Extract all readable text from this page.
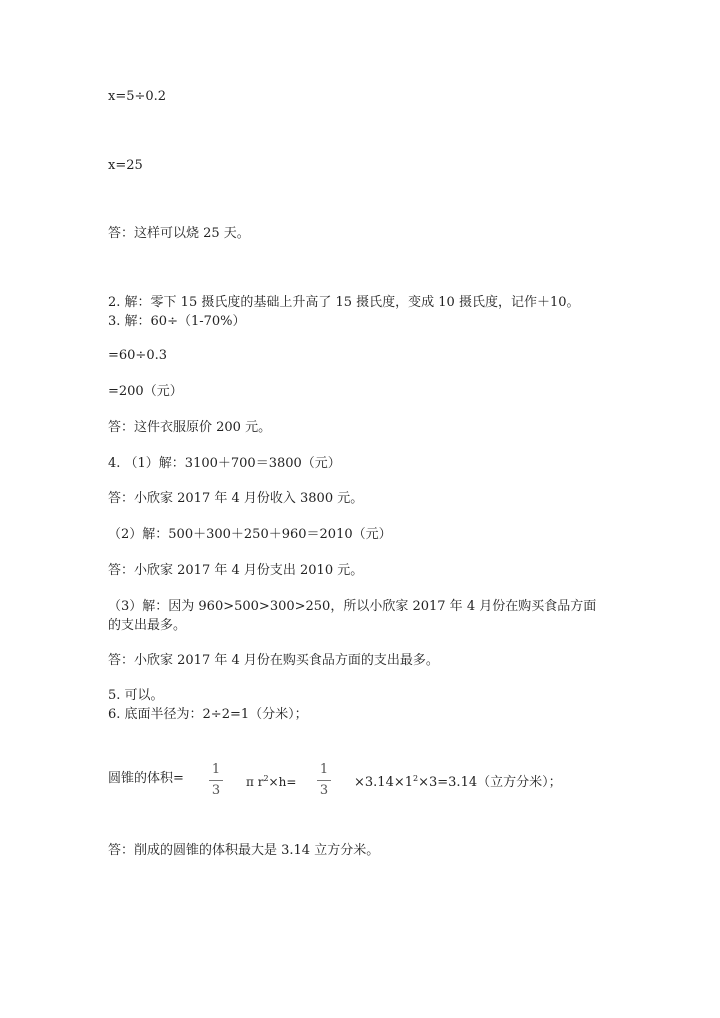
x=5÷0.2
x=25
答：这样可以烧 25 天。
2. 解：零下 15 摄氏度的基础上升高了 15 摄氏度，变成 10 摄氏度，记作＋10。
3. 解：60÷（1-70%）
=60÷0.3
=200（元）
答：这件衣服原价 200 元。
4. （1）解：3100＋700＝3800（元）
答：小欣家 2017 年 4 月份收入 3800 元。
（2）解：500＋300＋250＋960＝2010（元）
答：小欣家 2017 年 4 月份支出 2010 元。
（3）解：因为 960>500>300>250，所以小欣家 2017 年 4 月份在购买食品方面
的支出最多。
答：小欣家 2017 年 4 月份在购买食品方面的支出最多。
5. 可以。
6. 底面半径为：2÷2=1（分米）；
圆锥的体积=
1
3
π $r^2\times h=$
1
3
$\times 3.14\times 1^2\times 3=3.14$（立方分米）；
答：削成的圆锥的体积最大是 3.14 立方分米。
